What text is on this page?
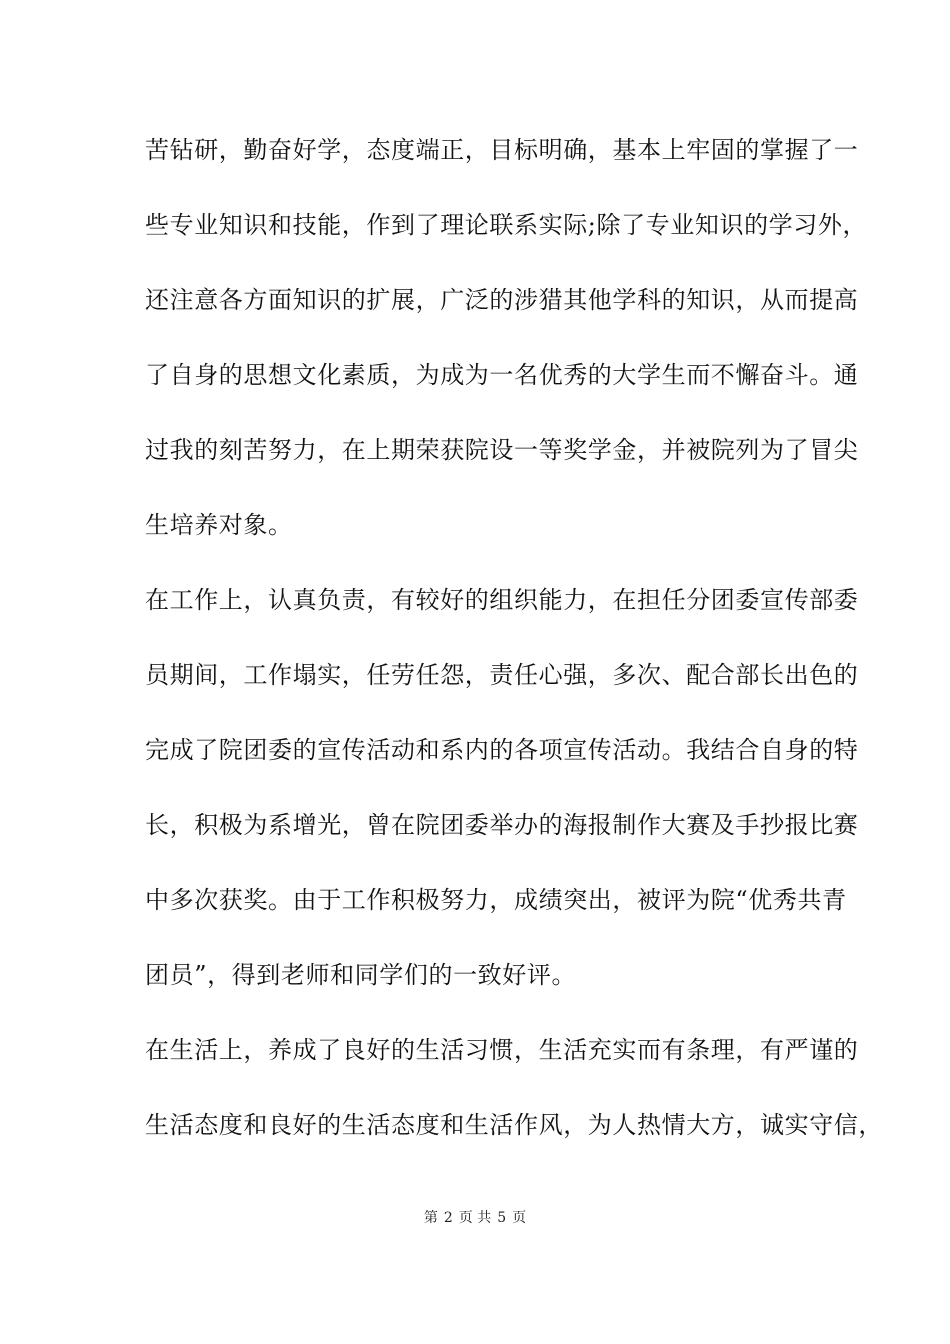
苦钻研，勤奋好学，态度端正，目标明确，基本上牢固的掌握了一
些专业知识和技能，作到了理论联系实际;除了专业知识的学习外，
还注意各方面知识的扩展，广泛的涉猎其他学科的知识，从而提高
了自身的思想文化素质，为成为一名优秀的大学生而不懈奋斗。通
过我的刻苦努力，在上期荣获院设一等奖学金，并被院列为了冒尖
生培养对象。
在工作上，认真负责，有较好的组织能力，在担任分团委宣传部委
员期间，工作塌实，任劳任怨，责任心强，多次、配合部长出色的
完成了院团委的宣传活动和系内的各项宣传活动。我结合自身的特
长，积极为系增光，曾在院团委举办的海报制作大赛及手抄报比赛
中多次获奖。由于工作积极努力，成绩突出，被评为院“优秀共青
团员”，得到老师和同学们的一致好评。
在生活上，养成了良好的生活习惯，生活充实而有条理，有严谨的
生活态度和良好的生活态度和生活作风，为人热情大方，诚实守信，
第 2 页 共 5 页
